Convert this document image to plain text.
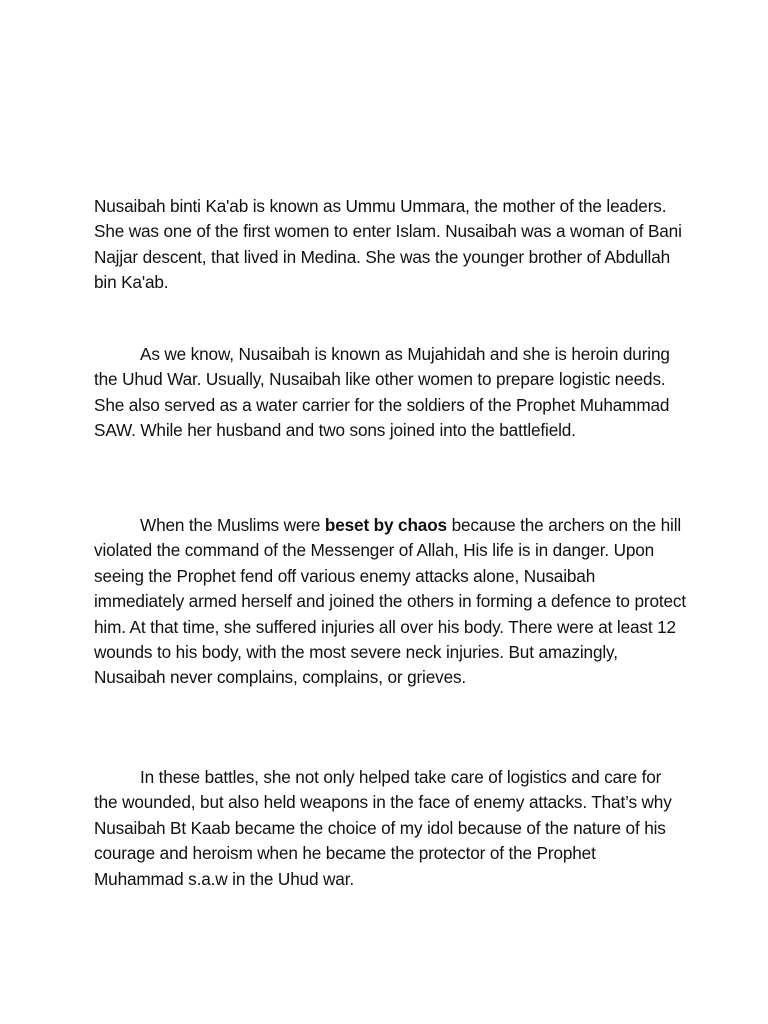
Nusaibah binti Ka'ab is known as Ummu Ummara, the mother of the leaders. She was one of the first women to enter Islam. Nusaibah was a woman of Bani Najjar descent, that lived in Medina. She was the younger brother of Abdullah bin Ka'ab.

As we know, Nusaibah is known as Mujahidah and she is heroin during the Uhud War. Usually, Nusaibah like other women to prepare logistic needs. She also served as a water carrier for the soldiers of the Prophet Muhammad SAW. While her husband and two sons joined into the battlefield.

When the Muslims were beset by chaos because the archers on the hill violated the command of the Messenger of Allah, His life is in danger. Upon seeing the Prophet fend off various enemy attacks alone, Nusaibah immediately armed herself and joined the others in forming a defence to protect him. At that time, she suffered injuries all over his body. There were at least 12 wounds to his body, with the most severe neck injuries. But amazingly, Nusaibah never complains, complains, or grieves.

In these battles, she not only helped take care of logistics and care for the wounded, but also held weapons in the face of enemy attacks. That’s why Nusaibah Bt Kaab became the choice of my idol because of the nature of his courage and heroism when he became the protector of the Prophet Muhammad s.a.w in the Uhud war.
